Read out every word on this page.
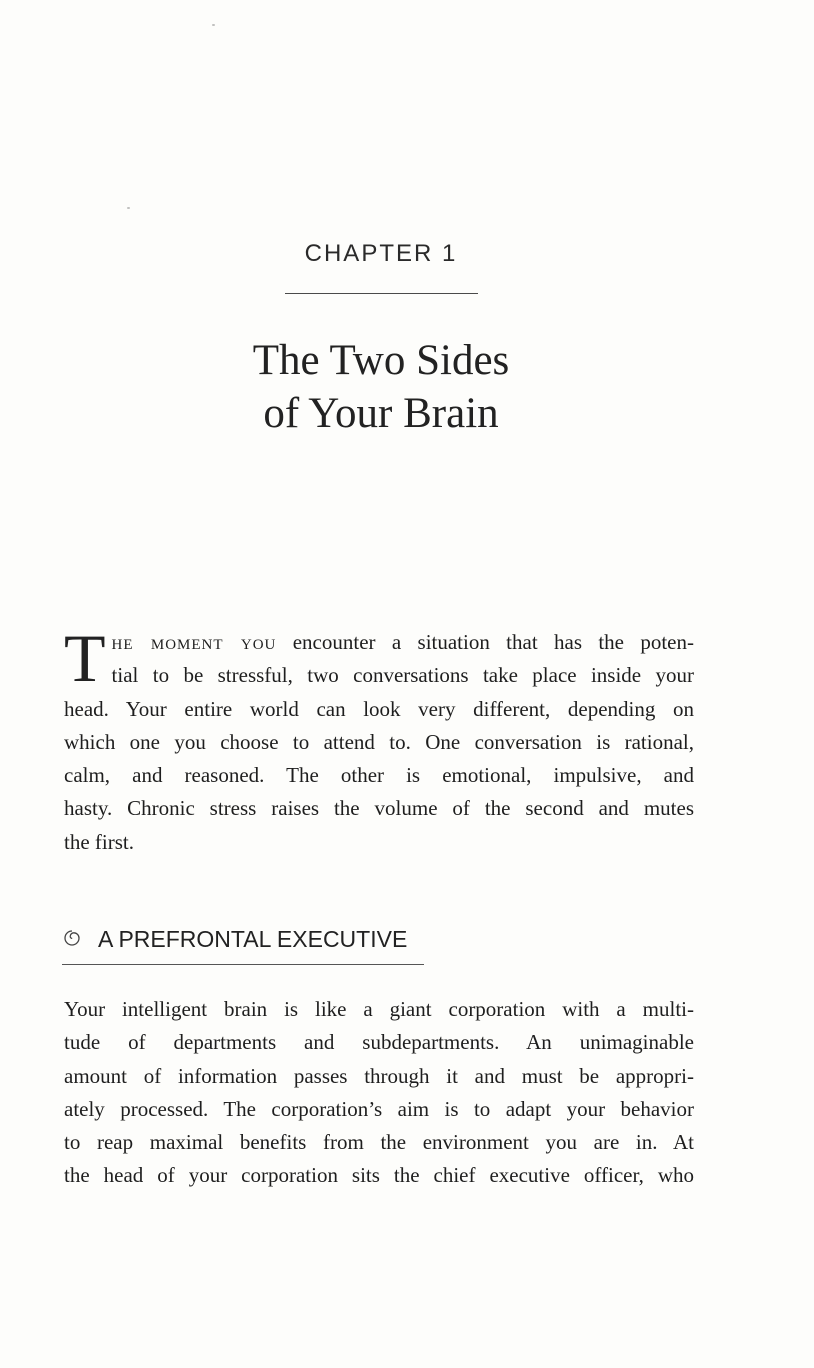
CHAPTER 1
The Two Sides
of Your Brain
T he moment you encounter a situation that has the poten-
tial to be stressful, two conversations take place inside your
head. Your entire world can look very different, depending on
which one you choose to attend to. One conversation is rational,
calm, and reasoned. The other is emotional, impulsive, and
hasty. Chronic stress raises the volume of the second and mutes
the first.
A PREFRONTAL EXECUTIVE
Your intelligent brain is like a giant corporation with a multi-
tude of departments and subdepartments. An unimaginable
amount of information passes through it and must be appropri-
ately processed. The corporation’s aim is to adapt your behavior
to reap maximal benefits from the environment you are in. At
the head of your corporation sits the chief executive officer, who
